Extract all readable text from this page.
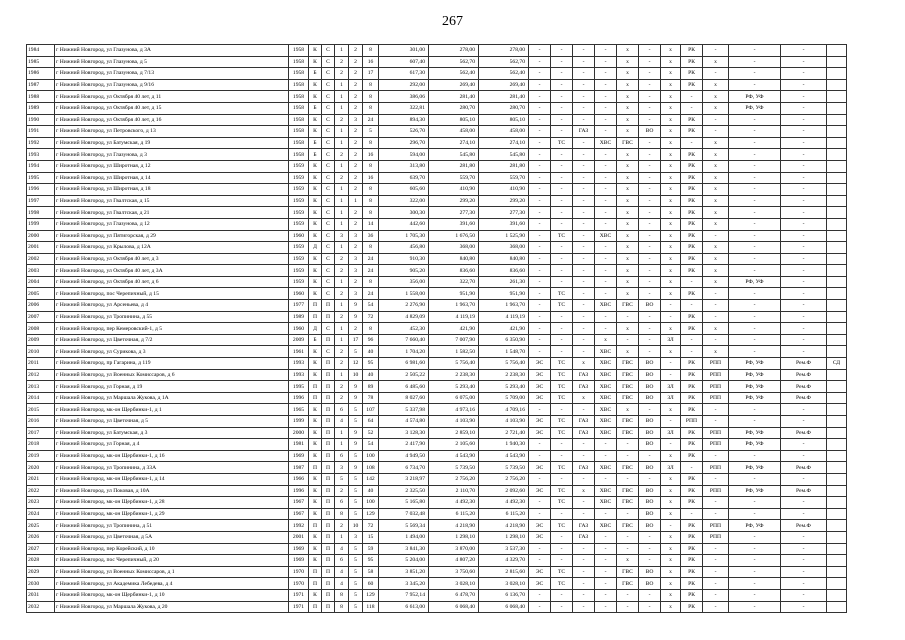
267
1984	г Нижний Новгород, ул Глазунова, д 3А	1958	К	С	1	2	8	301,00	278,00	278,00	-	-	-	-	х	-	х	РК	-	-	-	
1985	г Нижний Новгород, ул Глазунова, д 5	1958	К	С	2	2	16	607,40	562,70	562,70	-	-	-	-	х	-	х	РК	х	-	-	
1986	г Нижний Новгород, ул Глазунова, д 7/13	1958	Б	С	2	2	17	617,30	562,40	562,40	-	-	-	-	х	-	х	РК	-	-	-	
1987	г Нижний Новгород, ул Глазунова, д 9/16	1958	К	С	1	2	8	292,00	269,40	269,40	-	-	-	-	х	-	х	РК	х	-	-	
1988	г Нижний Новгород, ул Октября 40 лет, д 11	1958	К	С	1	2	8	386,06	281,40	281,40	-	-	-	-	х	-	х	-	х	РФ, УФ	-	
1989	г Нижний Новгород, ул Октября 40 лет, д 15	1958	Б	С	1	2	8	322,81	280,70	280,70	-	-	-	-	х	-	х	-	х	РФ, УФ	-	
1990	г Нижний Новгород, ул Октября 40 лет, д 16	1958	К	С	2	3	24	894,30	805,10	805,10	-	-	-	-	х	-	х	РК	-	-	-	
1991	г Нижний Новгород, ул Петровского, д 13	1958	К	С	1	2	5	526,70	458,00	458,00	-	-	ГАЗ	-	х	ВО	х	РК	-	-	-	
1992	г Нижний Новгород, ул Батумская, д 19	1958	Б	С	1	2	8	296,70	274,10	274,10	-	ТС	-	ХВС	ГВС	-	х	-	х	-	-	
1993	г Нижний Новгород, ул Глазунова, д 3	1958	Б	С	2	2	16	594,00	545,80	545,80	-	-	-	-	х	-	х	РК	х	-	-	
1994	г Нижний Новгород, ул Широтная, д 12	1959	К	С	1	2	8	313,80	281,80	281,80	-	-	-	-	х	-	х	РК	х	-	-	
1995	г Нижний Новгород, ул Широтная, д 14	1959	К	С	2	2	16	639,70	559,70	559,70	-	-	-	-	х	-	х	РК	х	-	-	
1996	г Нижний Новгород, ул Широтная, д 18	1959	К	С	1	2	8	605,60	410,90	410,90	-	-	-	-	х	-	х	РК	х	-	-	
1997	г Нижний Новгород, ул Гвалтская, д 15	1959	К	С	1	1	8	322,00	299,20	299,20	-	-	-	-	х	-	х	РК	х	-	-	
1998	г Нижний Новгород, ул Гвалтская, д 21	1959	К	С	1	2	8	300,30	277,30	277,30	-	-	-	-	х	-	х	РК	х	-	-	
1999	г Нижний Новгород, ул Глазунова, д 12	1959	К	С	1	2	14	442,60	391,60	391,60	-	-	-	-	х	-	х	РК	х	-	-	
2000	г Нижний Новгород, ул Пятигорская, д 29	1960	К	С	3	3	36	1 705,30	1 676,50	1 525,90	-	ТС	-	ХВС	х	-	х	РК	-	-	-	
2001	г Нижний Новгород, ул Крылова, д 12А	1959	Д	С	1	2	8	456,80	368,00	368,00	-	-	-	-	х	-	х	РК	х	-	-	
2002	г Нижний Новгород, ул Октября 40 лет, д 3	1959	К	С	2	3	24	910,30	840,80	840,80	-	-	-	-	х	-	х	РК	х	-	-	
2003	г Нижний Новгород, ул Октября 40 лет, д 3А	1959	К	С	2	3	24	905,20	836,60	836,60	-	-	-	-	х	-	х	РК	х	-	-	
2004	г Нижний Новгород, ул Октября 40 лет, д 6	1959	К	С	1	2	8	356,00	322,70	261,30	-	-	-	-	х	-	х	-	х	РФ, УФ	-	
2005	г Нижний Новгород, пос Черепичный, д 15	1960	К	С	2	3	24	1 558,00	951,90	951,90	-	ТС	-	-	х	-	х	РК	-	-	-	
2006	г Нижний Новгород, ул Арсеньева, д 4	1977	П	П	1	9	54	2 276,90	1 963,70	1 963,70	-	ТС	-	ХВС	ГВС	ВО	-	-	-	-	-	
2007	г Нижний Новгород, ул Тропинина, д 55	1989	П	П	2	9	72	4 829,09	4 119,19	4 119,19	-	-	-	-	-	-	-	РК	-	-	-	
2008	г Нижний Новгород, пер Кемеровский-1, д 5	1960	Д	С	1	2	8	452,30	421,90	421,90	-	-	-	-	х	-	х	РК	х	-	-	
2009	г Нижний Новгород, ул Цветочная, д 7/2	2009	Б	П	1	17	96	7 660,40	7 007,90	6 350,90	-	-	-	х	-	-	ЗЛ	-	-	-	-	
2010	г Нижний Новгород, ул Сурикова, д 3	1961	К	С	2	5	40	1 704,20	1 582,50	1 548,70	-	-	-	ХВС	х	-	х	-	х	-	-	
2011	г Нижний Новгород, пр Гагарина, д 119	1993	К	П	2	12	95	6 981,60	5 756,40	5 756,40	ЭС	ТС	х	ХВС	ГВС	ВО	-	РК	РПП	РФ, УФ	Рем.Ф	СД
2012	г Нижний Новгород, ул Военных Комиссаров, д 6	1993	К	П	1	10	40	2 505,22	2 238,30	2 238,30	ЭС	ТС	ГАЗ	ХВС	ГВС	ВО	-	РК	РПП	РФ, УФ	Рем.Ф	
2013	г Нижний Новгород, ул Горная, д 19	1995	П	П	2	9	89	6 485,60	5 293,40	5 293,40	ЭС	ТС	ГАЗ	ХВС	ГВС	ВО	ЗЛ	РК	РПП	РФ, УФ	Рем.Ф	
2014	г Нижний Новгород, ул Маршала Жукова, д 1А	1996	П	П	2	9	78	8 027,60	6 075,00	5 709,00	ЭС	ТС	х	ХВС	ГВС	ВО	ЗЛ	РК	РПП	РФ, УФ	Рем.Ф	
2015	г Нижний Новгород, мк-он Щербинки-1, д 1	1965	К	П	6	5	107	5 337,98	4 973,16	4 709,16	-	-	-	ХВС	х	-	х	РК	-	-	-	
2016	г Нижний Новгород, ул Цветочная, д 5	1999	К	П	4	5	64	4 574,80	4 103,90	4 103,90	ЭС	ТС	ГАЗ	ХВС	ГВС	ВО	-	РПП	-	-	-	
2017	г Нижний Новгород, ул Батумская, д 3	2000	К	П	1	9	52	3 128,30	2 859,10	2 721,40	ЭС	ТС	ГАЗ	ХВС	ГВС	ВО	ЗЛ	РК	РПП	РФ, УФ	Рем.Ф	
2018	г Нижний Новгород, ул Горная, д 4	1981	К	П	1	9	54	2 417,90	2 105,60	1 940,30	-	-	-	-	-	ВО	-	РК	РПП	РФ, УФ	-	
2019	г Нижний Новгород, мк-он Щербинки-1, д 16	1969	К	П	6	5	100	4 949,50	4 543,90	4 543,90	-	-	-	-	-	-	х	РК	-	-	-	
2020	г Нижний Новгород, ул Тропинина, д 33А	1987	П	П	3	9	108	6 734,70	5 739,50	5 739,50	ЭС	ТС	ГАЗ	ХВС	ГВС	ВО	ЗЛ	-	РПП	РФ, УФ	Рем.Ф	
2021	г Нижний Новгород, мк-он Щербинки-1, д 14	1966	К	П	5	5	142	3 218,97	2 756,20	2 756,20	-	-	-	-	-	-	х	РК	-	-	-	
2022	г Нижний Новгород, ул Поковая, д 10А	1996	К	П	2	5	40	2 325,50	2 110,70	2 092,60	ЭС	ТС	х	ХВС	ГВС	ВО	х	РК	РПП	РФ, УФ	Рем.Ф	
2023	г Нижний Новгород, мк-он Щербинки-1, д 28	1967	К	П	6	5	100	5 165,80	4 492,30	4 492,30	-	ТС	-	ХВС	ГВС	ВО	х	РК	-	-	-	
2024	г Нижний Новгород, мк-он Щербинки-1, д 29	1967	К	П	8	5	129	7 032,48	6 115,20	6 115,20	-	-	-	-	-	ВО	х	-	-	-	-	
2025	г Нижний Новгород, ул Тропинина, д 51	1992	П	П	2	10	72	5 569,34	4 218,90	4 218,90	ЭС	ТС	ГАЗ	ХВС	ГВС	ВО	-	РК	РПП	РФ, УФ	Рем.Ф	
2026	г Нижний Новгород, ул Цветочная, д 5А	2001	К	П	1	3	15	1 494,00	1 298,10	1 298,10	ЭС	-	ГАЗ	-	-	-	х	РК	РПП	-	-	
2027	г Нижний Новгород, пер Корейский, д 10	1969	К	П	4	5	59	3 841,30	3 870,00	3 537,30	-	-	-	-	-	-	х	РК	-	-	-	
2028	г Нижний Новгород, пос Черепичный, д 20	1969	К	П	6	5	95	5 204,00	4 807,20	4 329,70	-	-	-	-	х	-	х	РК	-	-	-	
2029	г Нижний Новгород, ул Военных Комиссаров, д 1	1970	П	П	4	5	58	3 851,20	3 750,60	2 815,60	ЭС	ТС	-	-	ГВС	ВО	х	РК	-	-	-	
2030	г Нижний Новгород, ул Академика Лебедева, д 4	1970	П	П	4	5	60	3 345,20	3 028,10	3 028,10	ЭС	ТС	-	-	ГВС	ВО	х	РК	-	-	-	
2031	г Нижний Новгород, мк-он Щербинки-1, д 10	1971	К	П	8	5	129	7 952,14	6 478,70	6 136,70	-	-	-	-	-	-	х	РК	-	-	-	
2032	г Нижний Новгород, ул Маршала Жукова, д 20	1971	П	П	8	5	118	6 613,00	6 068,40	6 068,40	-	-	-	-	-	-	х	РК	-	-	-	
